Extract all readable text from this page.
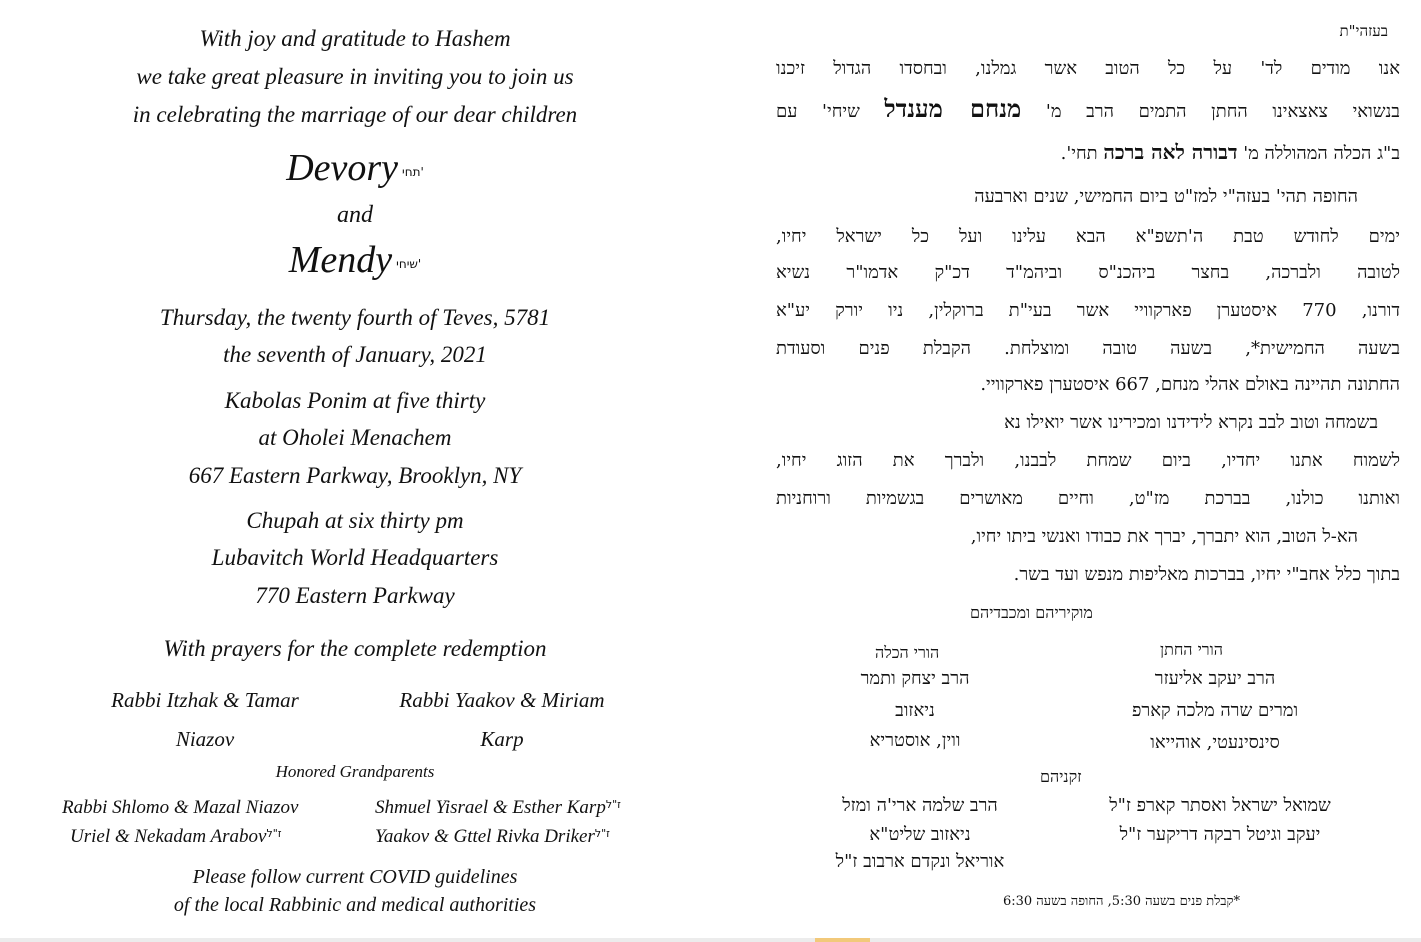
With joy and gratitude to Hashem
we take great pleasure in inviting you to join us
in celebrating the marriage of our dear children
Devory $^{תחי'}$
and
Mendy $^{שיחי'}$
Thursday, the twenty fourth of Teves, 5781
the seventh of January, 2021
Kabolas Ponim at five thirty
at Oholei Menachem
667 Eastern Parkway, Brooklyn, NY
Chupah at six thirty pm
Lubavitch World Headquarters
770 Eastern Parkway
With prayers for the complete redemption
Rabbi Itzhak & Tamar
Niazov
Rabbi Yaakov & Miriam
Karp
Honored Grandparents
Rabbi Shlomo & Mazal Niazov
Uriel & Nekadam Arabov$^{ז"ל}$
Shmuel Yisrael & Esther Karp$^{ז"ל}$
Yaakov & Gttel Rivka Driker$^{ז"ל}$
Please follow current COVID guidelines
of the local Rabbinic and medical authorities
בעזהי"ת
אנו מודים לד' על כל הטוב אשר גמלנו, ובחסדו הגדול זיכנו
בנשואי צאצאינו החתן התמים הרב מ' מנחם מענדל שיחי' עם
ב"ג הכלה המהוללה מ' דבורה לאה ברכה תחי'.
החופה תהי' בעזה"י למז"ט ביום החמישי, שנים וארבעה
ימים לחודש טבת ה'תשפ"א הבא עלינו ועל כל ישראל יחיו,
לטובה ולברכה, בחצר ביהכנ"ס וביהמ"ד דכ"ק אדמו"ר נשיא
דורנו, 770 איסטערן פארקוויי אשר בעי"ת ברוקלין, ניו יורק יע"א
בשעה החמישית*, בשעה טובה ומוצלחת. הקבלת פנים וסעודת
החתונה תהיינה באולם אהלי מנחם, 667 איסטערן פארקוויי.
בשמחה וטוב לבב נקרא לידידנו ומכירינו אשר יואילו נא
לשמוח אתנו יחדיו, ביום שמחת לבבנו, ולברך את הזוג יחיו,
ואותנו כולנו, בברכת מז"ט, וחיים מאושרים בגשמיות ורוחניות
הא-ל הטוב, הוא יתברך, יברך את כבודו ואנשי ביתו יחיו,
בתוך כלל אחב"י יחיו, בברכות מאליפות מנפש ועד בשר.
מוקיריהם ומכבדיהם
הורי החתן
הרב יעקב אליעזר
ומרים שרה מלכה קארפ
סינסינעטי, אוהייאו
הורי הכלה
הרב יצחק ותמר
ניאזוב
ווין, אוסטריא
זקניהם
שמואל ישראל ואסתר קארפ ז"ל
יעקב וגיטל רבקה דריקער ז"ל
הרב שלמה ארי'ה ומזל
ניאזוב שליט"א
אוריאל ונקדם ארבוב ז"ל
*קבלת פנים בשעה 5:30, החופה בשעה 6:30
